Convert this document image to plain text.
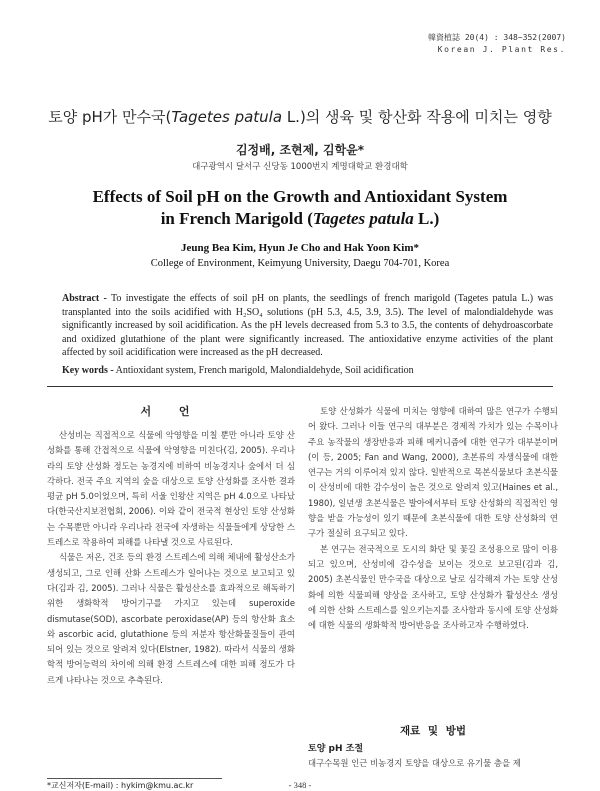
韓資植誌 20(4) : 348~352(2007)
Korean J. Plant Res.
토양 pH가 만수국(Tagetes patula L.)의 생육 및 항산화 작용에 미치는 영향
김정배, 조현제, 김학윤*
대구광역시 달서구 신당동 1000번지 계명대학교 환경대학
Effects of Soil pH on the Growth and Antioxidant System
in French Marigold (Tagetes patula L.)
Jeung Bea Kim, Hyun Je Cho and Hak Yoon Kim*
College of Environment, Keimyung University, Daegu 704-701, Korea
Abstract - To investigate the effects of soil pH on plants, the seedlings of french marigold (Tagetes patula L.) was transplanted into the soils acidified with H₂SO₄ solutions (pH 5.3, 4.5, 3.9, 3.5). The level of malondialdehyde was significantly increased by soil acidification. As the pH levels decreased from 5.3 to 3.5, the contents of dehydroascorbate and oxidized glutathione of the plant were significantly increased. The antioxidative enzyme activities of the plant affected by soil acidification were increased as the pH decreased.
Key words - Antioxidant system, French marigold, Malondialdehyde, Soil acidification
서 언

산성비는 직접적으로 식물에 악영향을 미칠 뿐만 아니라 토양 산성화를 통해 간접적으로 식물에 악영향을 미친다(김, 2005). 우리나라의 토양 산성화 정도는 농경지에 비하여 비농경지나 숲에서 더 심각하다. 전국 주요 지역의 숲을 대상으로 토양 산성화를 조사한 결과 평균 pH 5.0이었으며, 특히 서울 인왕산 지역은 pH 4.0으로 나타났다(한국산지보전협회, 2006). 이와 같이 전국적 현상인 토양 산성화는 수목뿐만 아니라 우리나라 전국에 자생하는 식물들에게 상당한 스트레스로 작용하여 피해를 나타낼 것으로 사료된다.

식물은 저온, 건조 등의 환경 스트레스에 의해 체내에 활성산소가 생성되고, 그로 인해 산화 스트레스가 일어나는 것으로 보고되고 있다(김과 김, 2005). 그러나 식물은 활성산소를 효과적으로 해독하기 위한 생화학적 방어기구를 가지고 있는데 superoxide dismutase(SOD), ascorbate peroxidase(AP) 등의 항산화 효소와 ascorbic acid, glutathione 등의 저분자 항산화물질들이 관여되어 있는 것으로 알려져 있다(Elstner, 1982). 따라서 식물의 생화학적 방어능력의 차이에 의해 환경 스트레스에 대한 피해 정도가 다르게 나타나는 것으로 추측된다.

토양 산성화가 식물에 미치는 영향에 대하여 많은 연구가 수행되어 왔다. 그러나 이들 연구의 대부분은 경제적 가치가 있는 수목이나 주요 농작물의 생장반응과 피해 메커니즘에 대한 연구가 대부분이며(이 등, 2005; Fan and Wang, 2000), 초본류의 자생식물에 대한 연구는 거의 이루어져 있지 않다. 일반적으로 목본식물보다 초본식물이 산성비에 대한 감수성이 높은 것으로 알려져 있고(Haines et al., 1980), 일년생 초본식물은 발아에서부터 토양 산성화의 직접적인 영향을 받을 가능성이 있기 때문에 초본식물에 대한 토양 산성화의 연구가 절실히 요구되고 있다.

본 연구는 전국적으로 도시의 화단 및 꽃길 조성용으로 많이 이용되고 있으며, 산성비에 감수성을 보이는 것으로 보고된(김과 김, 2005) 초본식물인 만수국을 대상으로 날로 심각해져 가는 토양 산성화에 의한 식물피해 양상을 조사하고, 토양 산성화가 활성산소 생성에 의한 산화 스트레스를 일으키는지를 조사함과 동시에 토양 산성화에 대한 식물의 생화학적 방어반응을 조사하고자 수행하였다.

재료 및 방법
토양 pH 조절
대구수목원 인근 비농경지 토양을 대상으로 유기물 층을 제
*교신저자(E-mail) : hykim@kmu.ac.kr	- 348 -
